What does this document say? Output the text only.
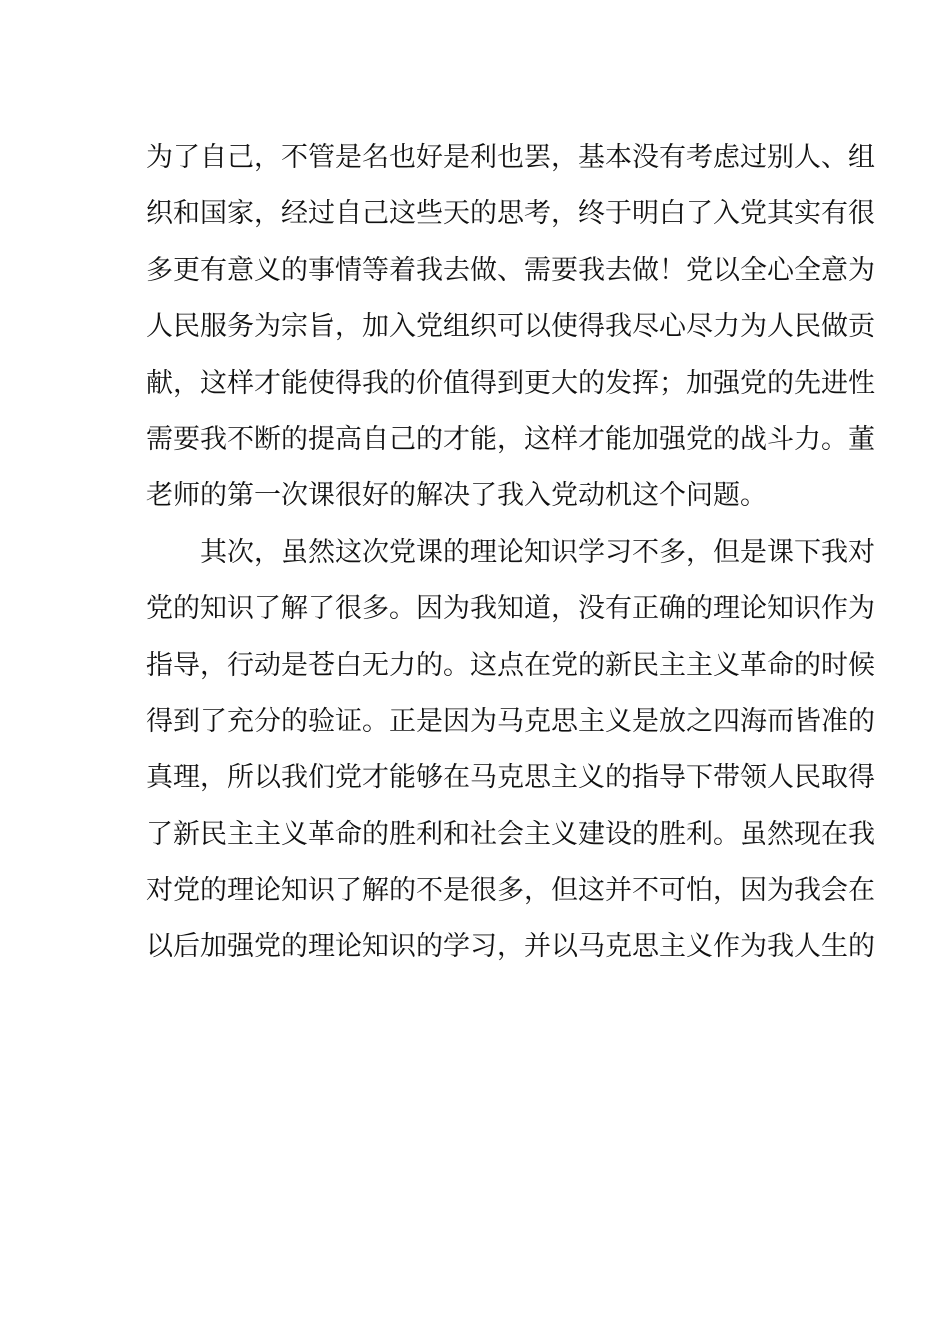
为了自己，不管是名也好是利也罢，基本没有考虑过别人、组
织和国家，经过自己这些天的思考，终于明白了入党其实有很
多更有意义的事情等着我去做、需要我去做！党以全心全意为
人民服务为宗旨，加入党组织可以使得我尽心尽力为人民做贡
献，这样才能使得我的价值得到更大的发挥；加强党的先进性
需要我不断的提高自己的才能，这样才能加强党的战斗力。董
老师的第一次课很好的解决了我入党动机这个问题。
其次，虽然这次党课的理论知识学习不多，但是课下我对
党的知识了解了很多。因为我知道，没有正确的理论知识作为
指导，行动是苍白无力的。这点在党的新民主主义革命的时候
得到了充分的验证。正是因为马克思主义是放之四海而皆准的
真理，所以我们党才能够在马克思主义的指导下带领人民取得
了新民主主义革命的胜利和社会主义建设的胜利。虽然现在我
对党的理论知识了解的不是很多，但这并不可怕，因为我会在
以后加强党的理论知识的学习，并以马克思主义作为我人生的
